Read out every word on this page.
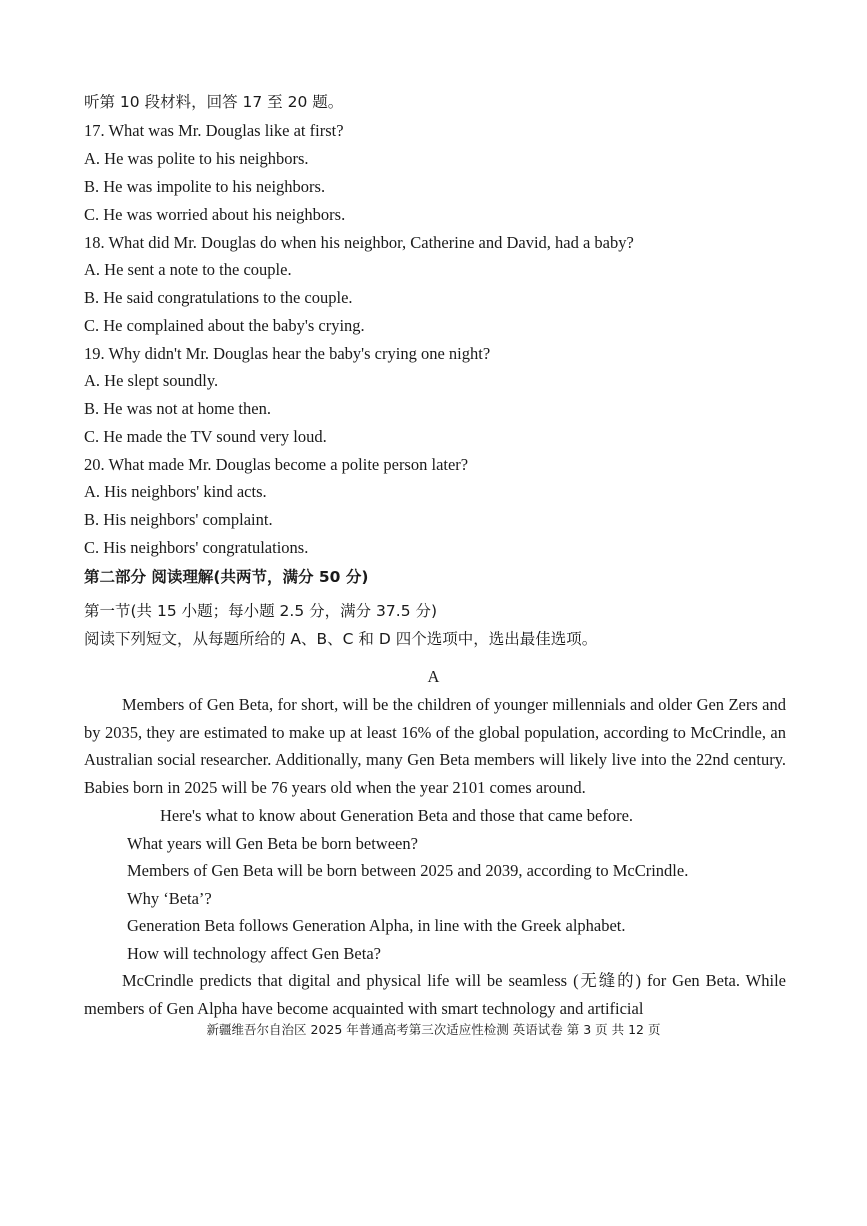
听第 10 段材料，回答 17 至 20 题。
17. What was Mr. Douglas like at first?
A. He was polite to his neighbors.
B. He was impolite to his neighbors.
C. He was worried about his neighbors.
18. What did Mr. Douglas do when his neighbor, Catherine and David, had a baby?
A. He sent a note to the couple.
B. He said congratulations to the couple.
C. He complained about the baby's crying.
19. Why didn't Mr. Douglas hear the baby's crying one night?
A. He slept soundly.
B. He was not at home then.
C. He made the TV sound very loud.
20. What made Mr. Douglas become a polite person later?
A. His neighbors' kind acts.
B. His neighbors' complaint.
C. His neighbors' congratulations.
第二部分 阅读理解(共两节，满分 50 分)
第一节(共 15 小题；每小题 2.5 分，满分 37.5 分)
阅读下列短文，从每题所给的 A、B、C 和 D 四个选项中，选出最佳选项。
A
Members of Gen Beta, for short, will be the children of younger millennials and older Gen Zers and by 2035, they are estimated to make up at least 16% of the global population, according to McCrindle, an Australian social researcher. Additionally, many Gen Beta members will likely live into the 22nd century. Babies born in 2025 will be 76 years old when the year 2101 comes around.
Here's what to know about Generation Beta and those that came before.
What years will Gen Beta be born between?
Members of Gen Beta will be born between 2025 and 2039, according to McCrindle.
Why ‘Beta’?
Generation Beta follows Generation Alpha, in line with the Greek alphabet.
How will technology affect Gen Beta?
McCrindle predicts that digital and physical life will be seamless (无缝的) for Gen Beta. While members of Gen Alpha have become acquainted with smart technology and artificial
新疆维吾尔自治区 2025 年普通高考第三次适应性检测 英语试卷 第 3 页 共 12 页
